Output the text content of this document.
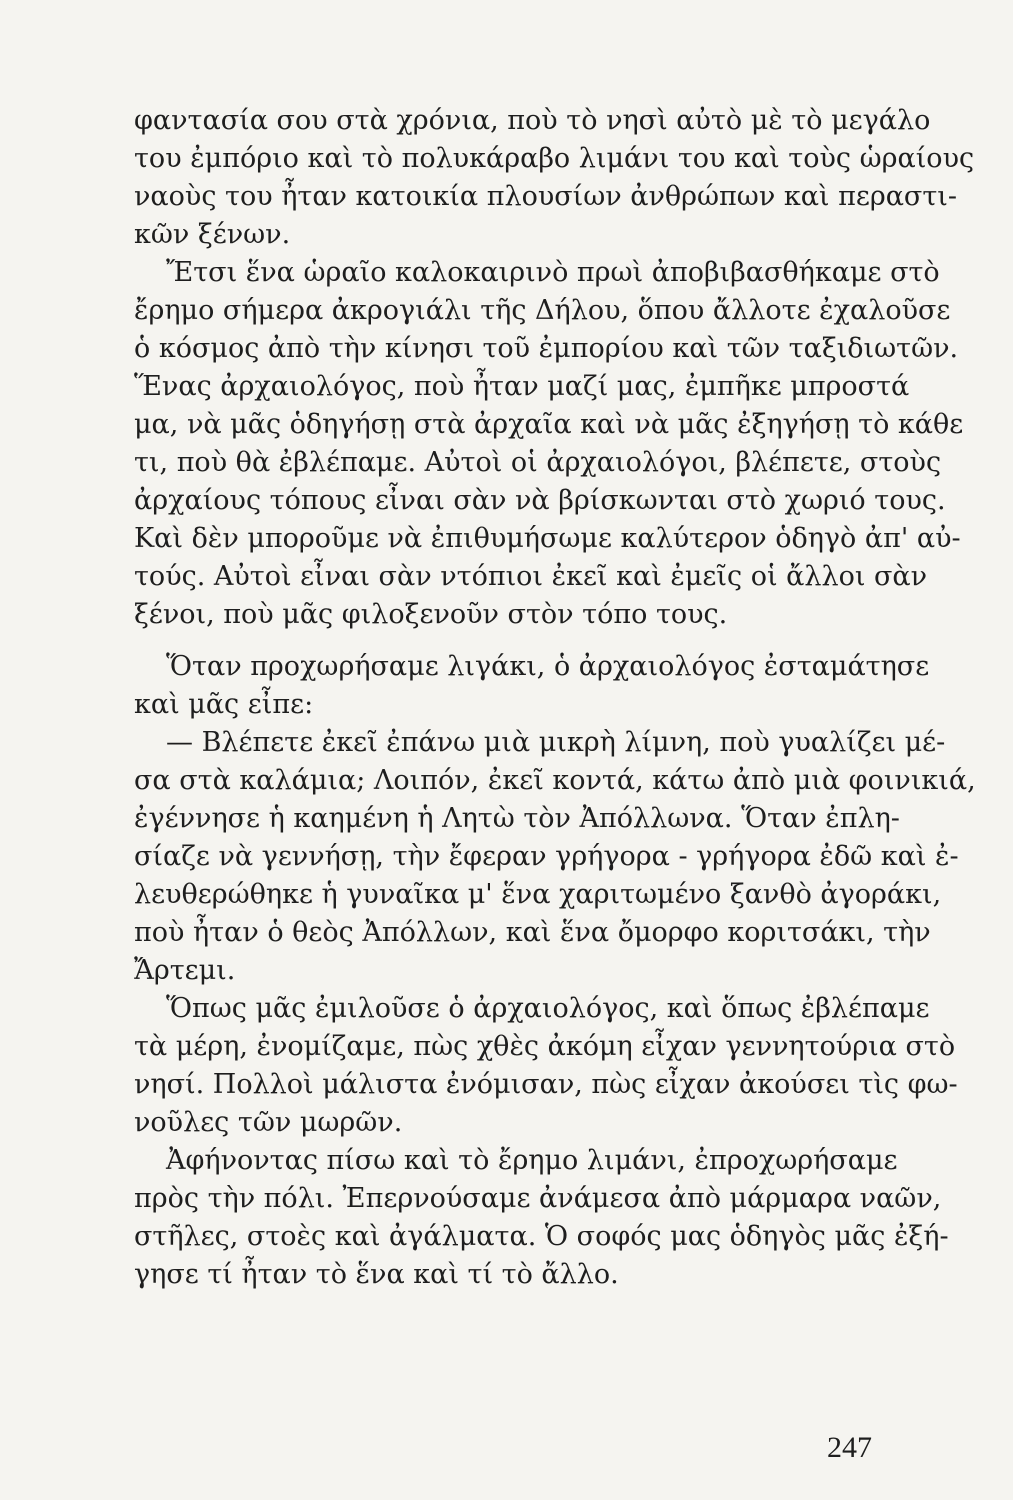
φαντασία σου στὰ χρόνια, ποὺ τὸ νησὶ αὐτὸ μὲ τὸ μεγάλο
του ἐμπόριο καὶ τὸ πολυκάραβο λιμάνι του καὶ τοὺς ὡραίους
ναοὺς του ἦταν κατοικία πλουσίων ἀνθρώπων καὶ περαστι-
κῶν ξένων.
Ἔτσι ἕνα ὡραῖο καλοκαιρινὸ πρωὶ ἀποβιβασθήκαμε στὸ
ἔρημο σήμερα ἀκρογιάλι τῆς Δήλου, ὅπου ἄλλοτε ἐχαλοῦσε
ὁ κόσμος ἀπὸ τὴν κίνησι τοῦ ἐμπορίου καὶ τῶν ταξιδιωτῶν.
Ἕνας ἀρχαιολόγος, ποὺ ἦταν μαζί μας, ἐμπῆκε μπροστά
μα, νὰ μᾶς ὁδηγήσῃ στὰ ἀρχαῖα καὶ νὰ μᾶς ἐξηγήσῃ τὸ κάθε
τι, ποὺ θὰ ἐβλέπαμε. Αὐτοὶ οἱ ἀρχαιολόγοι, βλέπετε, στοὺς
ἀρχαίους τόπους εἶναι σὰν νὰ βρίσκωνται στὸ χωριό τους.
Καὶ δὲν μποροῦμε νὰ ἐπιθυμήσωμε καλύτερον ὁδηγὸ ἀπ' αὐ-
τούς. Αὐτοὶ εἶναι σὰν ντόπιοι ἐκεῖ καὶ ἐμεῖς οἱ ἄλλοι σὰν
ξένοι, ποὺ μᾶς φιλοξενοῦν στὸν τόπο τους.
Ὅταν προχωρήσαμε λιγάκι, ὁ ἀρχαιολόγος ἐσταμάτησε
καὶ μᾶς εἶπε:
— Βλέπετε ἐκεῖ ἐπάνω μιὰ μικρὴ λίμνη, ποὺ γυαλίζει μέ-
σα στὰ καλάμια; Λοιπόν, ἐκεῖ κοντά, κάτω ἀπὸ μιὰ φοινικιά,
ἐγέννησε ἡ καημένη ἡ Λητὼ τὸν Ἀπόλλωνα. Ὅταν ἐπλη-
σίαζε νὰ γεννήσῃ, τὴν ἔφεραν γρήγορα - γρήγορα ἐδῶ καὶ ἐ-
λευθερώθηκε ἡ γυναῖκα μ' ἕνα χαριτωμένο ξανθὸ ἀγοράκι,
ποὺ ἦταν ὁ θεὸς Ἀπόλλων, καὶ ἕνα ὄμορφο κοριτσάκι, τὴν
Ἄρτεμι.
Ὅπως μᾶς ἐμιλοῦσε ὁ ἀρχαιολόγος, καὶ ὅπως ἐβλέπαμε
τὰ μέρη, ἐνομίζαμε, πὼς χθὲς ἀκόμη εἶχαν γεννητούρια στὸ
νησί. Πολλοὶ μάλιστα ἐνόμισαν, πὼς εἶχαν ἀκούσει τὶς φω-
νοῦλες τῶν μωρῶν.
Ἀφήνοντας πίσω καὶ τὸ ἔρημο λιμάνι, ἐπροχωρήσαμε
πρὸς τὴν πόλι. Ἐπερνούσαμε ἀνάμεσα ἀπὸ μάρμαρα ναῶν,
στῆλες, στοὲς καὶ ἀγάλματα. Ὁ σοφός μας ὁδηγὸς μᾶς ἐξή-
γησε τί ἦταν τὸ ἕνα καὶ τί τὸ ἄλλο.
247
